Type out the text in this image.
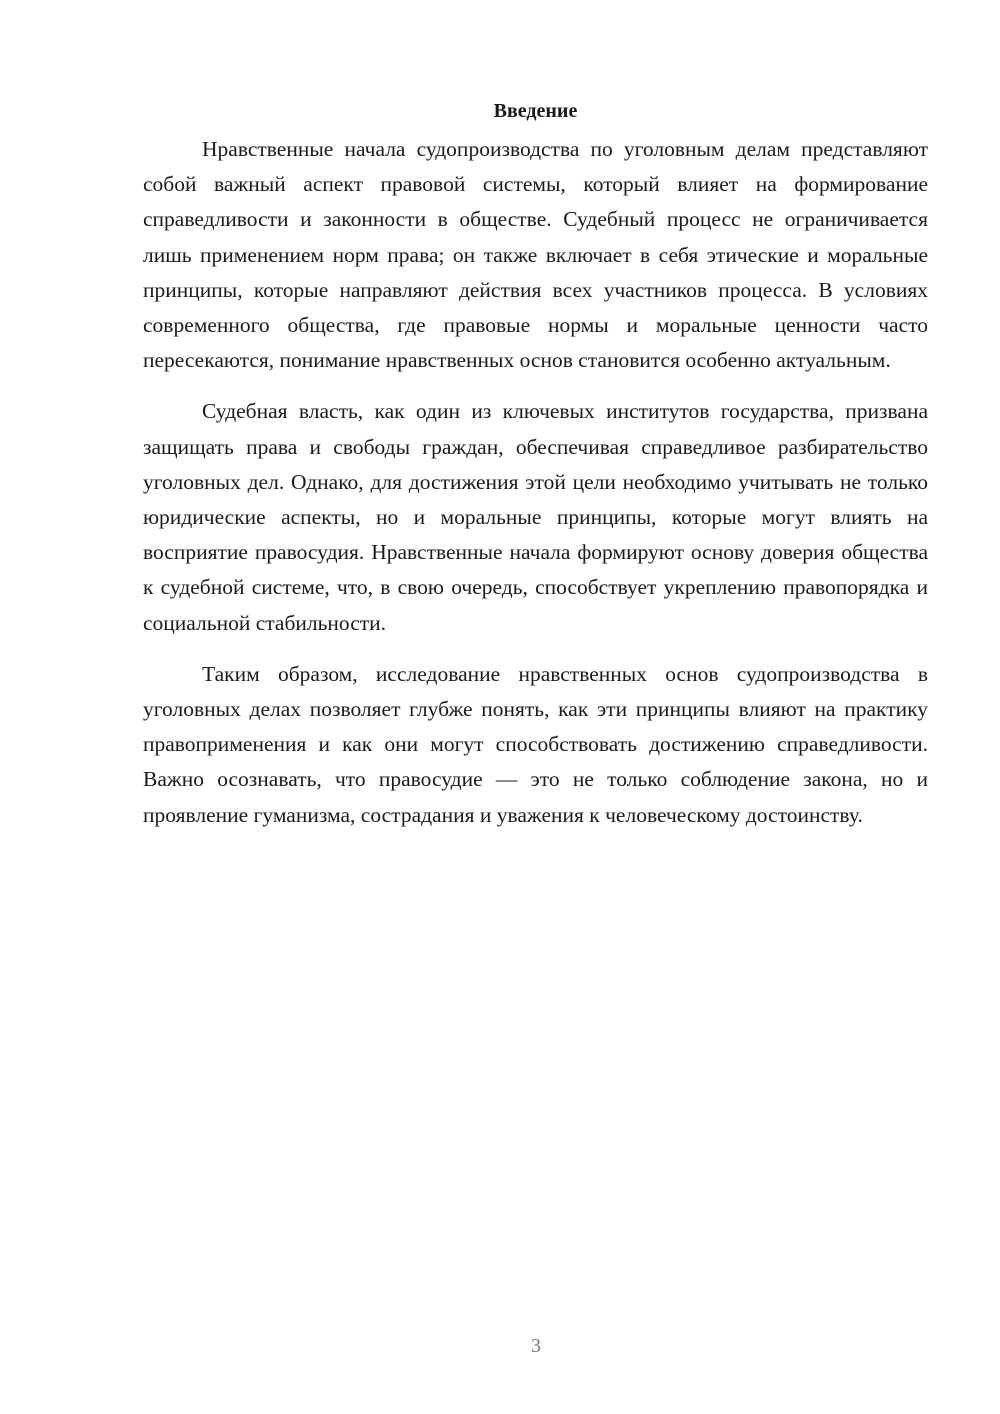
Введение

Нравственные начала судопроизводства по уголовным делам представляют собой важный аспект правовой системы, который влияет на формирование справедливости и законности в обществе. Судебный процесс не ограничивается лишь применением норм права; он также включает в себя этические и моральные принципы, которые направляют действия всех участников процесса. В условиях современного общества, где правовые нормы и моральные ценности часто пересекаются, понимание нравственных основ становится особенно актуальным.

Судебная власть, как один из ключевых институтов государства, призвана защищать права и свободы граждан, обеспечивая справедливое разбирательство уголовных дел. Однако, для достижения этой цели необходимо учитывать не только юридические аспекты, но и моральные принципы, которые могут влиять на восприятие правосудия. Нравственные начала формируют основу доверия общества к судебной системе, что, в свою очередь, способствует укреплению правопорядка и социальной стабильности.

Таким образом, исследование нравственных основ судопроизводства в уголовных делах позволяет глубже понять, как эти принципы влияют на практику правоприменения и как они могут способствовать достижению справедливости. Важно осознавать, что правосудие — это не только соблюдение закона, но и проявление гуманизма, сострадания и уважения к человеческому достоинству.

3
